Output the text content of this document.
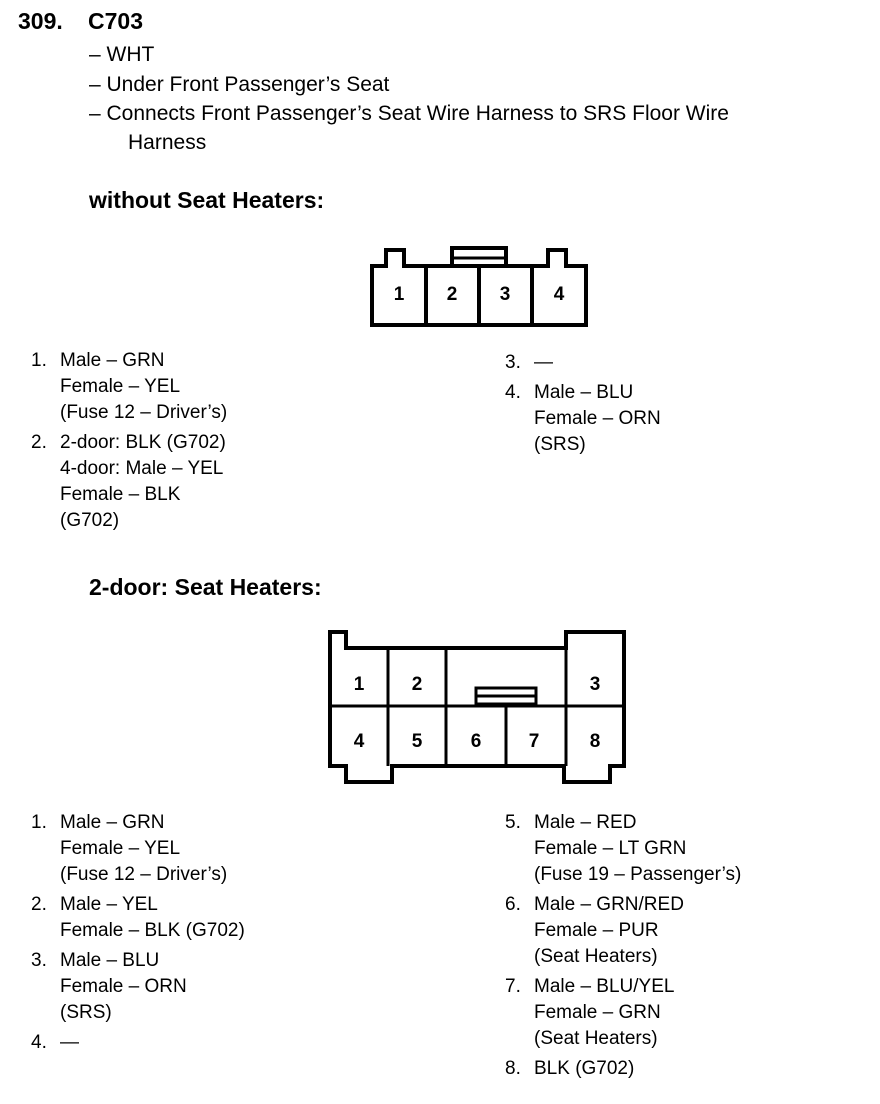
309. C703
– WHT
– Under Front Passenger’s Seat
– Connects Front Passenger’s Seat Wire Harness to SRS Floor Wire
Harness
without Seat Heaters:
1 2 3 4
1. Male – GRN
Female – YEL
(Fuse 12 – Driver’s)
2. 2-door: BLK (G702)
4-door: Male – YEL
Female – BLK
(G702)
3. —
4. Male – BLU
Female – ORN
(SRS)
2-door: Seat Heaters:
1 2	3
4 5	6 7	8
1. Male – GRN
Female – YEL
(Fuse 12 – Driver’s)
2. Male – YEL
Female – BLK (G702)
3. Male – BLU
Female – ORN
(SRS)
4. —
5. Male – RED
Female – LT GRN
(Fuse 19 – Passenger’s)
6. Male – GRN/RED
Female – PUR
(Seat Heaters)
7. Male – BLU/YEL
Female – GRN
(Seat Heaters)
8. BLK (G702)
